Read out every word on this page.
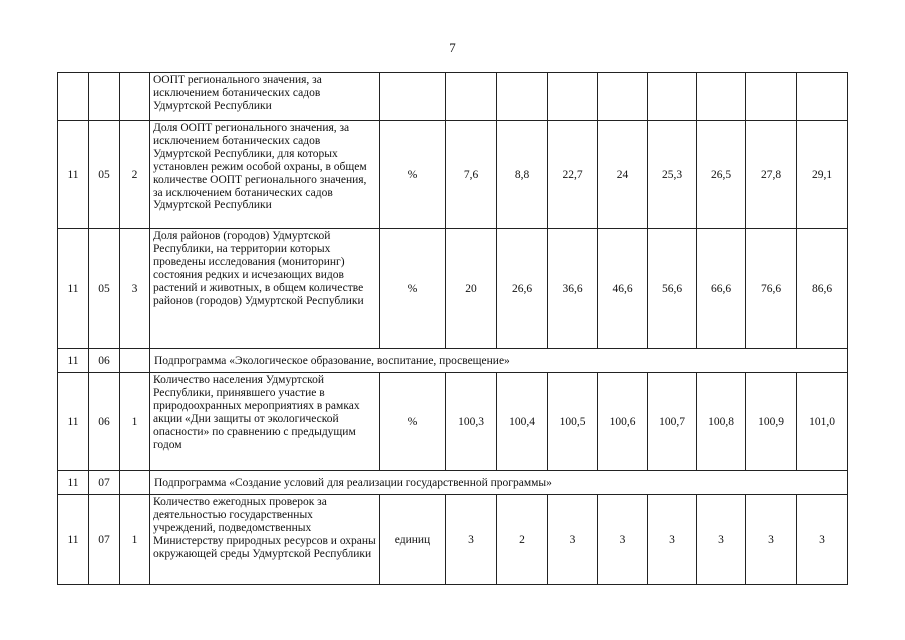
7
			ООПТ регионального значения, за исключением ботанических садов Удмуртской Республики									
11	05	2	Доля ООПТ регионального значения, за исключением ботанических садов Удмуртской Республики, для которых установлен режим особой охраны, в общем количестве ООПТ регионального значения, за исключением ботанических садов Удмуртской Республики	%	7,6	8,8	22,7	24	25,3	26,5	27,8	29,1
11	05	3	Доля районов (городов) Удмуртской Республики, на территории которых проведены исследования (мониторинг) состояния редких и исчезающих видов растений и животных, в общем количестве районов (городов) Удмуртской Республики	%	20	26,6	36,6	46,6	56,6	66,6	76,6	86,6
11	06		Подпрограмма «Экологическое образование, воспитание, просвещение»									
11	06	1	Количество населения Удмуртской Республики, принявшего участие в природоохранных мероприятиях в рамках акции «Дни защиты от экологической опасности» по сравнению с предыдущим годом	%	100,3	100,4	100,5	100,6	100,7	100,8	100,9	101,0
11	07		Подпрограмма «Создание условий для реализации государственной программы»									
11	07	1	Количество ежегодных проверок за деятельностью государственных учреждений, подведомственных Министерству природных ресурсов и охраны окружающей среды Удмуртской Республики	единиц	3	2	3	3	3	3	3	3
